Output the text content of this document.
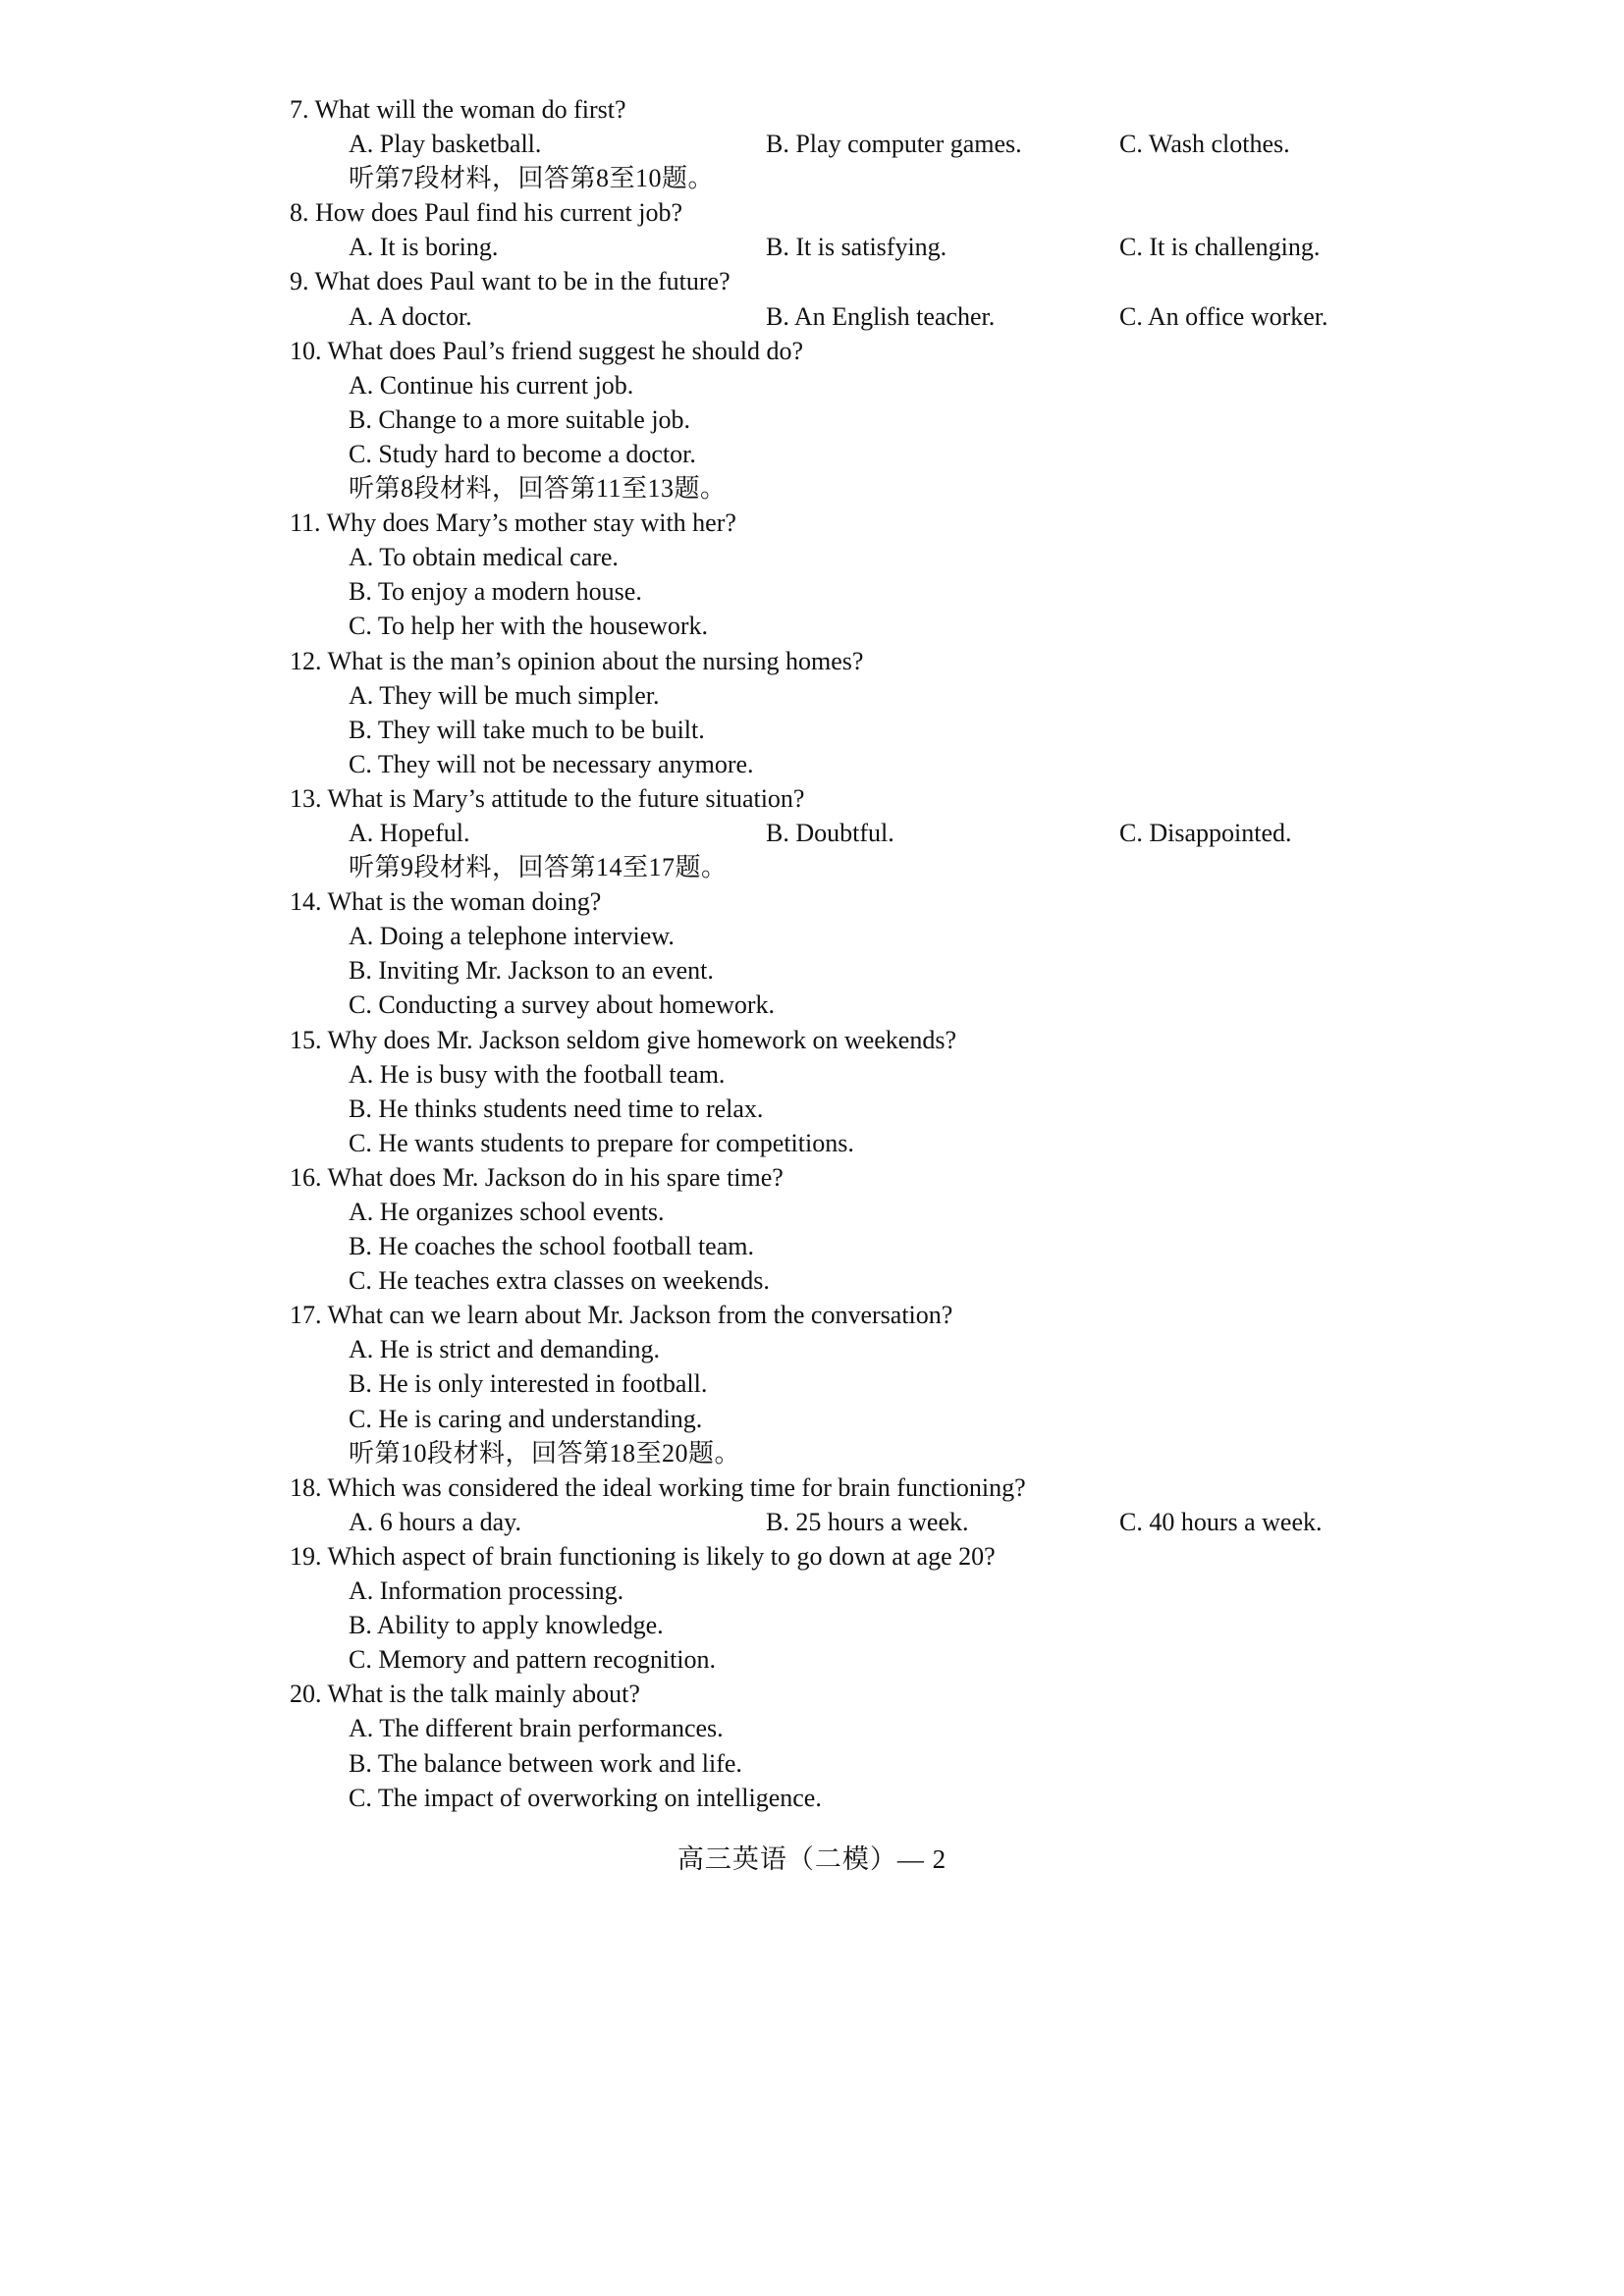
7. What will the woman do first?
A. Play basketball.	B. Play computer games.	C. Wash clothes.
听第7段材料，回答第8至10题。
8. How does Paul find his current job?
A. It is boring.	B. It is satisfying.	C. It is challenging.
9. What does Paul want to be in the future?
A. A doctor.	B. An English teacher.	C. An office worker.
10. What does Paul’s friend suggest he should do?
A. Continue his current job.
B. Change to a more suitable job.
C. Study hard to become a doctor.
听第8段材料，回答第11至13题。
11. Why does Mary’s mother stay with her?
A. To obtain medical care.
B. To enjoy a modern house.
C. To help her with the housework.
12. What is the man’s opinion about the nursing homes?
A. They will be much simpler.
B. They will take much to be built.
C. They will not be necessary anymore.
13. What is Mary’s attitude to the future situation?
A. Hopeful.	B. Doubtful.	C. Disappointed.
听第9段材料，回答第14至17题。
14. What is the woman doing?
A. Doing a telephone interview.
B. Inviting Mr. Jackson to an event.
C. Conducting a survey about homework.
15. Why does Mr. Jackson seldom give homework on weekends?
A. He is busy with the football team.
B. He thinks students need time to relax.
C. He wants students to prepare for competitions.
16. What does Mr. Jackson do in his spare time?
A. He organizes school events.
B. He coaches the school football team.
C. He teaches extra classes on weekends.
17. What can we learn about Mr. Jackson from the conversation?
A. He is strict and demanding.
B. He is only interested in football.
C. He is caring and understanding.
听第10段材料，回答第18至20题。
18. Which was considered the ideal working time for brain functioning?
A. 6 hours a day.	B. 25 hours a week.	C. 40 hours a week.
19. Which aspect of brain functioning is likely to go down at age 20?
A. Information processing.
B. Ability to apply knowledge.
C. Memory and pattern recognition.
20. What is the talk mainly about?
A. The different brain performances.
B. The balance between work and life.
C. The impact of overworking on intelligence.
高三英语（二模）— 2
